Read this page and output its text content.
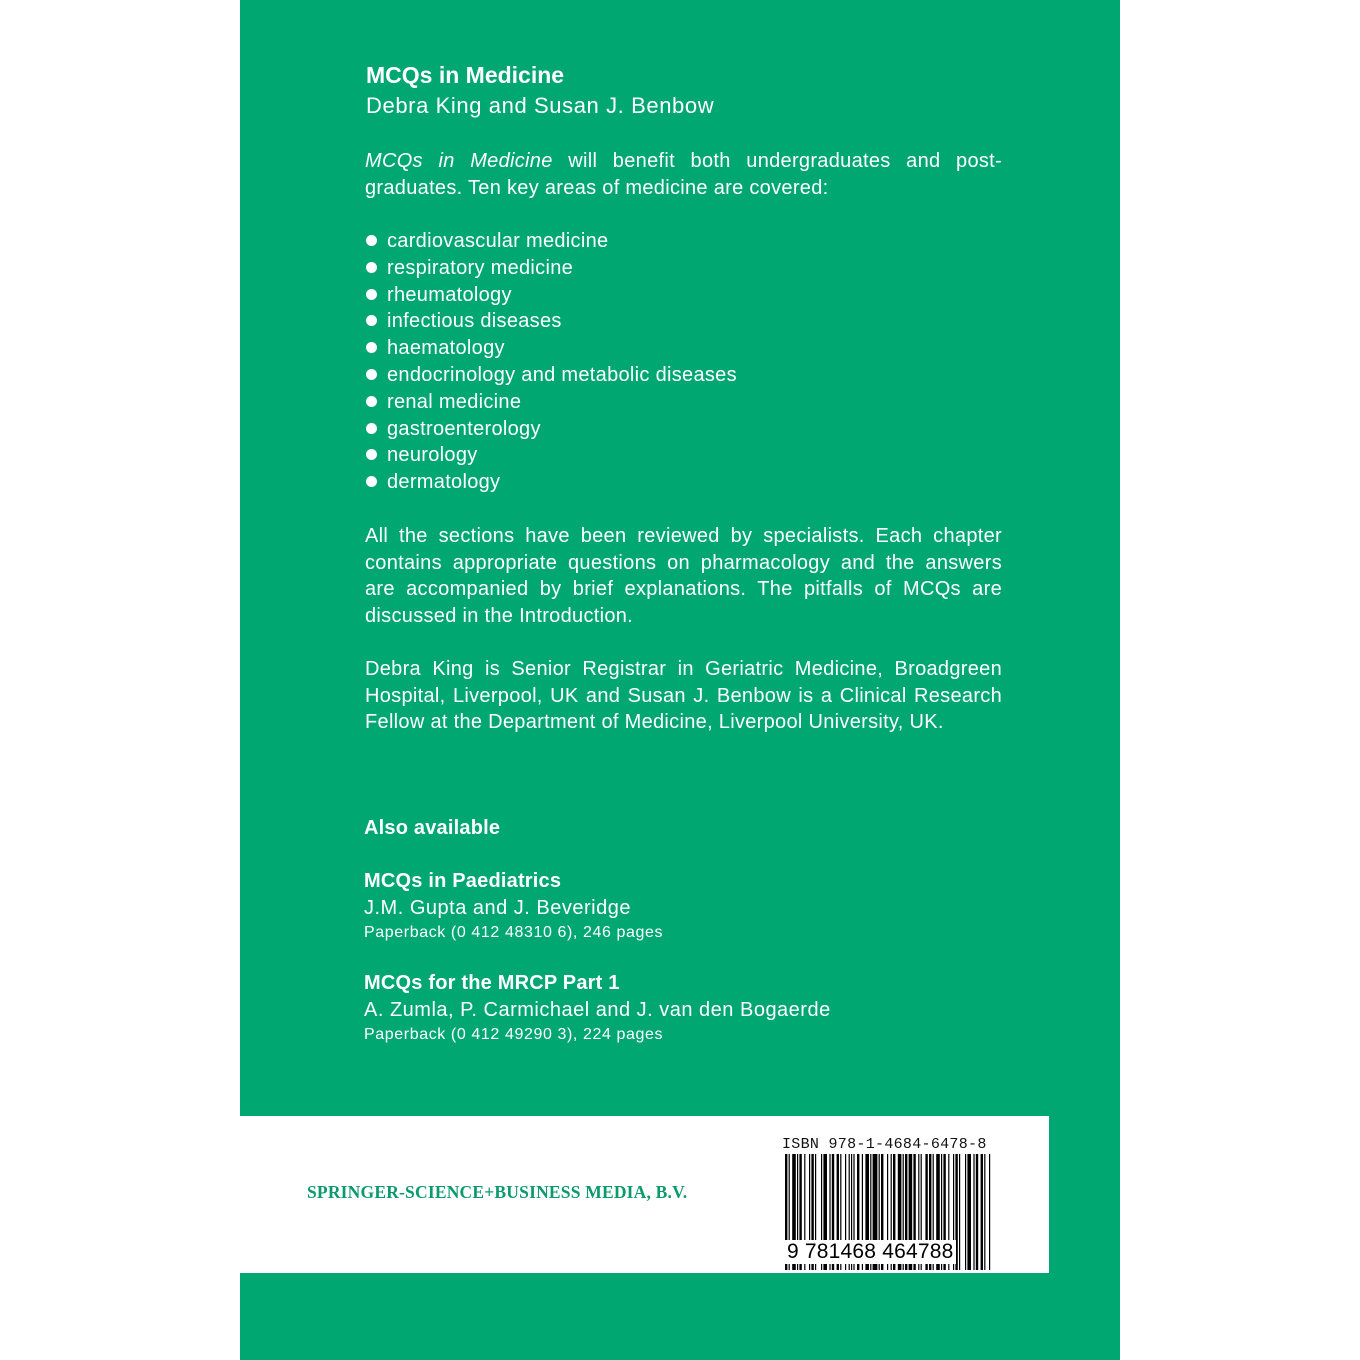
MCQs in Medicine
Debra King and Susan J. Benbow
MCQs in Medicine will benefit both undergraduates and post-graduates. Ten key areas of medicine are covered:
cardiovascular medicine
respiratory medicine
rheumatology
infectious diseases
haematology
endocrinology and metabolic diseases
renal medicine
gastroenterology
neurology
dermatology
All the sections have been reviewed by specialists. Each chapter contains appropriate questions on pharmacology and the answers are accompanied by brief explanations. The pitfalls of MCQs are discussed in the Introduction.
Debra King is Senior Registrar in Geriatric Medicine, Broadgreen Hospital, Liverpool, UK and Susan J. Benbow is a Clinical Research Fellow at the Department of Medicine, Liverpool University, UK.
Also available
MCQs in Paediatrics
J.M. Gupta and J. Beveridge
Paperback (0 412 48310 6), 246 pages
MCQs for the MRCP Part 1
A. Zumla, P. Carmichael and J. van den Bogaerde
Paperback (0 412 49290 3), 224 pages
SPRINGER-SCIENCE+BUSINESS MEDIA, B.V.
ISBN 978-1-4684-6478-8
9 781468 464788
